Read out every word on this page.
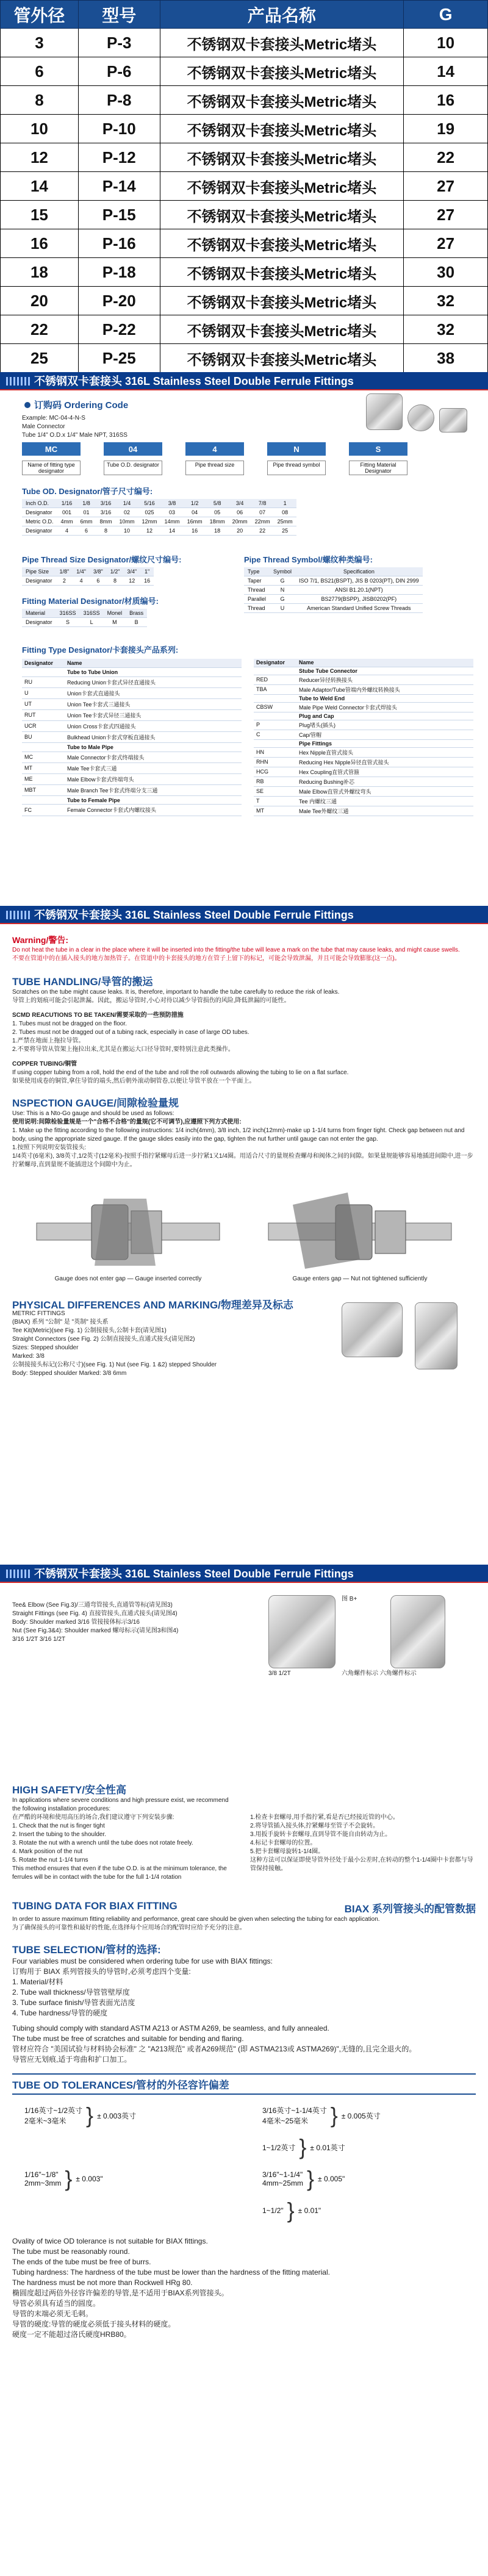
管外径	型号	产品名称	G
3	P-3	不锈钢双卡套接头Metric堵头	10
6	P-6	不锈钢双卡套接头Metric堵头	14
8	P-8	不锈钢双卡套接头Metric堵头	16
10	P-10	不锈钢双卡套接头Metric堵头	19
12	P-12	不锈钢双卡套接头Metric堵头	22
14	P-14	不锈钢双卡套接头Metric堵头	27
15	P-15	不锈钢双卡套接头Metric堵头	27
16	P-16	不锈钢双卡套接头Metric堵头	27
18	P-18	不锈钢双卡套接头Metric堵头	30
20	P-20	不锈钢双卡套接头Metric堵头	32
22	P-22	不锈钢双卡套接头Metric堵头	32
25	P-25	不锈钢双卡套接头Metric堵头	38
不锈钢双卡套接头 316L Stainless Steel Double Ferrule Fittings
订购码 Ordering Code
Example: MC-04-4-N-S
Male Connector
Tube 1/4" O.D.x 1/4" Male NPT, 316SS
MC	04	4	N	S
Name of fitting type designator
Tube O.D. designator	Pipe thread size	Pipe thread symbol	Fitting Material Designator
Tube OD. Designator/管子尺寸编号:
Inch O.D.	1/16	1/8	3/16	1/4	5/16	3/8	1/2	5/8	3/4	7/8	1
Designator	001	01	3/16	02	025	03	04	05	06	07	08
Metric O.D.	4mm	6mm	8mm	10mm	12mm	14mm	16mm	18mm	20mm	22mm	25mm
Designator	4	6	8	10	12	14	16	18	20	22	25
Pipe Thread Size Designator/螺纹尺寸编号:
Pipe Size	1/8"	1/4"	3/8"	1/2"	3/4"	1"
Designator	2	4	6	8	12	16
Pipe Thread Symbol/螺纹种类编号:
Type	Symbol	Specification
Taper	G	ISO 7/1, BS21(BSPT), JIS B 0203(PT), DIN 2999
Thread	N	ANSI B1.20.1(NPT)
Parallel	G	BS2779(BSPP), JISB0202(PF)
Thread	U	American Standard Unified Screw Threads
Fitting Material Designator/材质编号:
Material	316SS	316SS	Monel	Brass
Designator	S	L	M	B
Fitting Type Designator/卡套接头产品系列:
Designator	Name
	Tube to Tube Union
RU	Reducing Union卡套式异径直通接头
U	Union卡套式直通接头
UT	Union Tee卡套式三通接头
RUT	Union Tee卡套式异径三通接头
UCR	Union Cross卡套式四通接头
BU	Bulkhead Union卡套式穿板直通接头
	Tube to Male Pipe
MC	Male Connector卡套式终端接头
MT	Male Tee卡套式三通
ME	Male Elbow卡套式终端弯头
MBT	Male Branch Tee卡套式终端分支三通
	Tube to Female Pipe
FC	Female Connector卡套式内螺纹接头
Designator	Name
	Stube Tube Connector
RED	Reducer异径转换接头
TBA	Male Adaptor/Tube管端内外螺纹转换接头
	Tube to Weld End
CBSW	Male Pipe Weld Connector卡套式焊接头
	Plug and Cap
P	Plug堵头(插头)
C	Cap/管帽
	Pipe Fittings
HN	Hex Nipple直管式接头
RHN	Reducing Hex Nipple异径直管式接头
HCG	Hex Coupling直管式管箍
RB	Reducing Bushing补芯
SE	Male Elbow直管式外螺纹弯头
T	Tee 内螺纹三通
MT	Male Tee外螺纹三通
不锈钢双卡套接头 316L Stainless Steel Double Ferrule Fittings
Warning/警告:
Do not heat the tube in a clear in the place where it will be inserted into the fitting/the tube will leave a mark on the tube that may cause leaks, and might cause swells.
不要在管道中的在插入接头的地方加热管子。在管道中的卡套接头的地方在管子上留下的标记，可能会导致泄漏，并且可能会导致膨胀(这一点)。
TUBE HANDLING/导管的搬运
Scratches on the tube might cause leaks. It is, therefore, important to handle the tube carefully to reduce the risk of leaks.
导管上的划痕可能会引起泄漏。因此，搬运导管时,小心对待以减少导管损伤的风险,降低泄漏的可能性。
SCMD REACUTIONS TO BE TAKEN/需要采取的一些预防措施
1. Tubes must not be dragged on the floor.
2. Tubes must not be dragged out of a tubing rack, especially in case of large OD tubes.
1.严禁在地面上拖拉导管。
2.不要将导管从管架上拖拉出来,尤其是在搬运大口径导管时,要特别注意此类操作。
COPPER TUBING/铜管
If using copper tubing from a roll, hold the end of the tube and roll the roll outwards allowing the tubing to lie on a flat surface.
如果使用成卷的铜管,拿住导管的端头,然后朝外滚动铜管卷,以便让导管平放在一个平面上。
NSPECTION GAUGE/间隙检验量规
Use: This is a Nto-Go gauge and should be used as follows:
使用说明:间隙检验量规是一个"合格不合格"的量规(它不可调节),应遵照下列方式使用:
1. Make up the fitting according to the following instructions: 1/4 inch(4mm), 3/8 inch, 1/2 inch(12mm)-make up 1-1/4 turns from finger tight. Check gap between nut and body, using the appropriate sized gauge. If the gauge slides easily into the gap, tighten the nut further until gauge can not enter the gap.
1.按照下列说明安装管接头:
1/4英寸(6毫米), 3/8英寸,1/2英寸(12毫米)-按照手指拧紧螺母后进一步拧紧1又1/4圈。用适合尺寸的量规检查螺母和阀体之间的间隙。如果量规能够容易地插进间隙中,进一步拧紧螺母,直到量规不能插进这个间隙中为止。
Gauge does not enter gap — Gauge inserted correctly	Gauge enters gap — Nut not tightened sufficiently
PHYSICAL DIFFERENCES AND MARKING/物理差异及标志
METRIC FITTINGS
(BIAX) 系列 "公制" 是 "英制" 接头系
Tee Kit(Metric)(see Fig. 1) 公制接接头,公制卡套(请见图1)
Straight Connectors (see Fig. 2) 公制直接接头,直通式接头(请见图2)
Sizes: Stepped shoulder
Marked: 3/8
公制接接头标记(公称尺寸)(see Fig. 1) Nut (see Fig. 1 &2) stepped Shoulder
Body: Stepped shoulder Marked: 3/8 6mm
不锈钢双卡套接头 316L Stainless Steel Double Ferrule Fittings
Tee& Elbow (See Fig.3)/三通弯管接头,直通管等标(请见图3)
Straight Fittings (see Fig. 4) 直接管接头,直通式接头(请见图4)
Body: Shoulder marked 3/16 管接接体标示3/16
Nut (See Fig.3&4): Shoulder marked 螺母标示(请见图3和图4)
3/16 1/2T 3/16 1/2T
图 B+
3/8 1/2T	六角螺件标示 六角螺件标示
HIGH SAFETY/安全性高
In applications where severe conditions and high pressure exist, we recommend the following installation procedures:
在严酷的环境和使用高压的场合,我们建议遵守下列安装步骤:
1. Check that the nut is finger tight
2. Insert the tubing to the shoulder.
3. Rotate the nut with a wrench until the tube does not rotate freely.
4. Mark position of the nut
5. Rotate the nut 1-1/4 turns
This method ensures that even if the tube O.D. is at the minimum tolerance, the ferrules will be in contact with the tube for the full 1-1/4 rotation
1.检查卡套螺母,用手指拧紧,看是否已经接近管的中心。
2.将导管插入接头体,拧紧螺母至管子不会旋转。
3.用扳手旋转卡套螺母,直到导管不能自由转动为止。
4.标记卡套螺母的位置。
5.把卡套螺母旋转1-1/4圈。
这种方法可以保证即使导管外径处于最小公差时,在转动的整个1-1/4圈中卡套都与导管保持接触。
TUBING DATA FOR BIAX FITTING	BIAX 系列管接头的配管数据
In order to assure maximum fitting reliability and performance, great care should be given when selecting the tubing for each application.
为了确保接头的可靠性和最好的性能,在选择每个应用场合的配管时应给予充分的注意。
TUBE SELECTION/管材的选择:
Four variables must be considered when ordering tube for use with BIAX fittings:
订购用于 BIAX 系列管接头的导管时,必须考虑四个变量:
1. Material/材料
2. Tube wall thickness/导管管壁厚度
3. Tube surface finish/导管表面光洁度
4. Tube hardness/导管的硬度
Tubing should comply with standard ASTM A213 or ASTM A269, be seamless, and fully annealed.
The tube must be free of scratches and suitable for bending and flaring.
管材应符合 "美国试验与材料协会标准" 之 "A213规范" 或者A269规范" (即 ASTMA213或 ASTMA269)",无缝的,且完全退火的。
导管应无划痕,适于弯曲和扩口加工。
TUBE OD TOLERANCES/管材的外径容许偏差
1/16英寸~1/2英寸
2毫米~3毫米 } ± 0.003英寸
3/16英寸~1-1/4英寸
4毫米~25毫米	} ± 0.005英寸
1~1/2英寸 } ± 0.01英寸
1/16"~1/8"
2mm~3mm } ± 0.003"	3/16"~1-1/4"
4mm~25mm } ± 0.005"
1~1/2" } ± 0.01"
Ovality of twice OD tolerance is not suitable for BIAX fittings.
The tube must be reasonably round.
The ends of the tube must be free of burrs.
Tubing hardness: The hardness of the tube must be lower than the hardness of the fitting material.
The hardness must be not more than Rockwell HRg 80.
椭圆度超过两倍外径容许偏差的导管,是不适用于BIAX系列管接头。
导管必须具有适当的圆度。
导管的末端必须无毛刺。
导管的硬度:导管的硬度必须低于接头材料的硬度。
硬度一定不能超过洛氏硬度HRB80。
